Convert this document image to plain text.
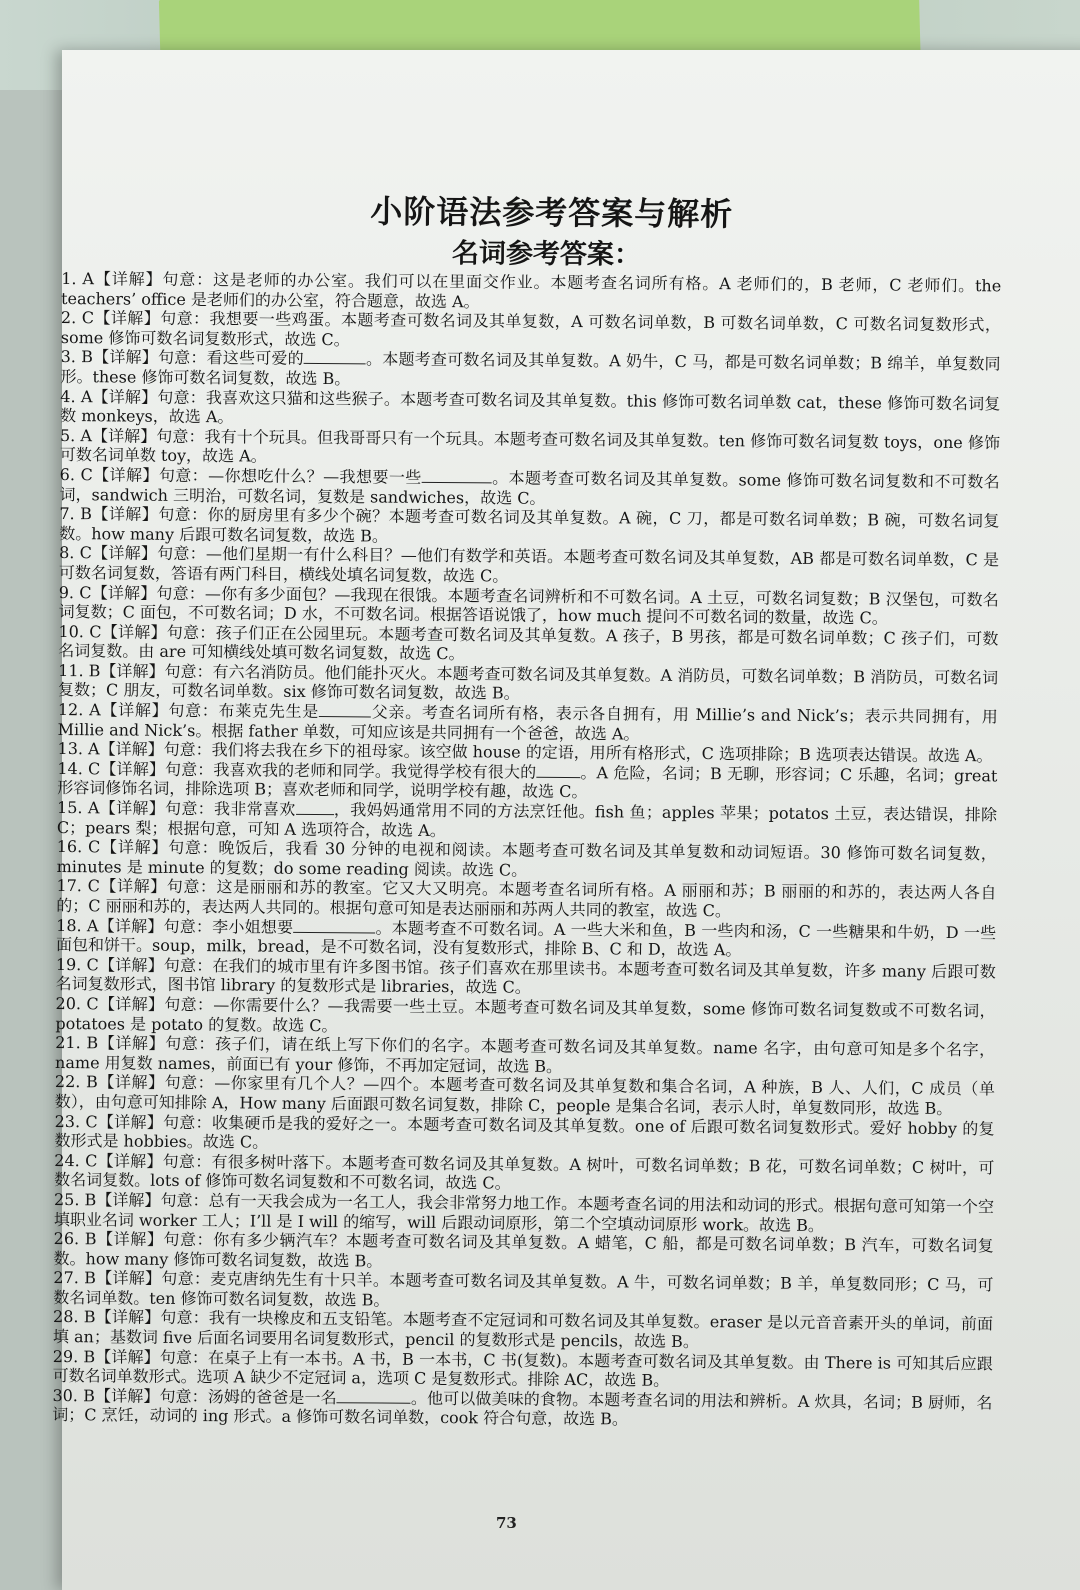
小阶语法参考答案与解析
名词参考答案：

1. A【详解】句意：这是老师的办公室。我们可以在里面交作业。本题考查名词所有格。A 老师们的，B 老师，C 老师们。the teachers’ office 是老师们的办公室，符合题意，故选 A。

2. C【详解】句意：我想要一些鸡蛋。本题考查可数名词及其单复数，A 可数名词单数，B 可数名词单数，C 可数名词复数形式，some 修饰可数名词复数形式，故选 C。

3. B【详解】句意：看这些可爱的	。本题考查可数名词及其单复数。A 奶牛，C 马，都是可数名词单数；B 绵羊，单复数同形。these 修饰可数名词复数，故选 B。

4. A【详解】句意：我喜欢这只猫和这些猴子。本题考查可数名词及其单复数。this 修饰可数名词单数 cat，these 修饰可数名词复数 monkeys，故选 A。

5. A【详解】句意：我有十个玩具。但我哥哥只有一个玩具。本题考查可数名词及其单复数。ten 修饰可数名词复数 toys，one 修饰可数名词单数 toy，故选 A。

6. C【详解】句意：—你想吃什么？—我想要一些	。本题考查可数名词及其单复数。some 修饰可数名词复数和不可数名词，sandwich 三明治，可数名词，复数是 sandwiches，故选 C。

7. B【详解】句意：你的厨房里有多少个碗？本题考查可数名词及其单复数。A 碗，C 刀，都是可数名词单数；B 碗，可数名词复数。how many 后跟可数名词复数，故选 B。

8. C【详解】句意：—他们星期一有什么科目？—他们有数学和英语。本题考查可数名词及其单复数，AB 都是可数名词单数，C 是可数名词复数，答语有两门科目，横线处填名词复数，故选 C。

9. C【详解】句意：—你有多少面包？—我现在很饿。本题考查名词辨析和不可数名词。A 土豆，可数名词复数；B 汉堡包，可数名词复数；C 面包，不可数名词；D 水，不可数名词。根据答语说饿了，how much 提问不可数名词的数量，故选 C。

10. C【详解】句意：孩子们正在公园里玩。本题考查可数名词及其单复数。A 孩子，B 男孩，都是可数名词单数；C 孩子们，可数名词复数。由 are 可知横线处填可数名词复数，故选 C。

11. B【详解】句意：有六名消防员。他们能扑灭火。本题考查可数名词及其单复数。A 消防员，可数名词单数；B 消防员，可数名词复数；C 朋友，可数名词单数。six 修饰可数名词复数，故选 B。

12. A【详解】句意：布莱克先生是	父亲。考查名词所有格，表示各自拥有，用 Millie’s and Nick’s；表示共同拥有，用 Millie and Nick’s。根据 father 单数，可知应该是共同拥有一个爸爸，故选 A。

13. A【详解】句意：我们将去我在乡下的祖母家。该空做 house 的定语，用所有格形式，C 选项排除；B 选项表达错误。故选 A。

14. C【详解】句意：我喜欢我的老师和同学。我觉得学校有很大的	。A 危险，名词；B 无聊，形容词；C 乐趣，名词；great 形容词修饰名词，排除选项 B；喜欢老师和同学，说明学校有趣，故选 C。

15. A【详解】句意：我非常喜欢 ，我妈妈通常用不同的方法烹饪他。fish 鱼；apples 苹果；potatos 土豆，表达错误，排除 C；pears 梨；根据句意，可知 A 选项符合，故选 A。

16. C【详解】句意：晚饭后，我看 30 分钟的电视和阅读。本题考查可数名词及其单复数和动词短语。30 修饰可数名词复数，minutes 是 minute 的复数；do some reading 阅读。故选 C。

17. C【详解】句意：这是丽丽和苏的教室。它又大又明亮。本题考查名词所有格。A 丽丽和苏；B 丽丽的和苏的，表达两人各自的；C 丽丽和苏的，表达两人共同的。根据句意可知是表达丽丽和苏两人共同的教室，故选 C。

18. A【详解】句意：李小姐想要	。本题考查不可数名词。A 一些大米和鱼，B 一些肉和汤，C 一些糖果和牛奶，D 一些面包和饼干。soup，milk，bread，是不可数名词，没有复数形式，排除 B、C 和 D，故选 A。

19. C【详解】句意：在我们的城市里有许多图书馆。孩子们喜欢在那里读书。本题考查可数名词及其单复数，许多 many 后跟可数名词复数形式，图书馆 library 的复数形式是 libraries，故选 C。

20. C【详解】句意：—你需要什么？—我需要一些土豆。本题考查可数名词及其单复数，some 修饰可数名词复数或不可数名词，potatoes 是 potato 的复数。故选 C。

21. B【详解】句意：孩子们，请在纸上写下你们的名字。本题考查可数名词及其单复数。name 名字，由句意可知是多个名字，name 用复数 names，前面已有 your 修饰，不再加定冠词，故选 B。

22. B【详解】句意：—你家里有几个人？—四个。本题考查可数名词及其单复数和集合名词，A 种族，B 人、人们，C 成员（单数），由句意可知排除 A，How many 后面跟可数名词复数，排除 C，people 是集合名词，表示人时，单复数同形，故选 B。

23. C【详解】句意：收集硬币是我的爱好之一。本题考查可数名词及其单复数。one of 后跟可数名词复数形式。爱好 hobby 的复数形式是 hobbies。故选 C。

24. C【详解】句意：有很多树叶落下。本题考查可数名词及其单复数。A 树叶，可数名词单数；B 花，可数名词单数；C 树叶，可数名词复数。lots of 修饰可数名词复数和不可数名词，故选 C。

25. B【详解】句意：总有一天我会成为一名工人，我会非常努力地工作。本题考查名词的用法和动词的形式。根据句意可知第一个空填职业名词 worker 工人；I’ll 是 I will 的缩写，will 后跟动词原形，第二个空填动词原形 work。故选 B。

26. B【详解】句意：你有多少辆汽车？本题考查可数名词及其单复数。A 蜡笔，C 船，都是可数名词单数；B 汽车，可数名词复数。how many 修饰可数名词复数，故选 B。

27. B【详解】句意：麦克唐纳先生有十只羊。本题考查可数名词及其单复数。A 牛，可数名词单数；B 羊，单复数同形；C 马，可数名词单数。ten 修饰可数名词复数，故选 B。

28. B【详解】句意：我有一块橡皮和五支铅笔。本题考查不定冠词和可数名词及其单复数。eraser 是以元音音素开头的单词，前面填 an；基数词 five 后面名词要用名词复数形式，pencil 的复数形式是 pencils，故选 B。

29. B【详解】句意：在桌子上有一本书。A 书，B 一本书，C 书(复数)。本题考查可数名词及其单复数。由 There is 可知其后应跟可数名词单数形式。选项 A 缺少不定冠词 a，选项 C 是复数形式。排除 AC，故选 B。

30. B【详解】句意：汤姆的爸爸是一名	。他可以做美味的食物。本题考查名词的用法和辨析。A 炊具，名词；B 厨师，名词；C 烹饪，动词的 ing 形式。a 修饰可数名词单数，cook 符合句意，故选 B。

73
